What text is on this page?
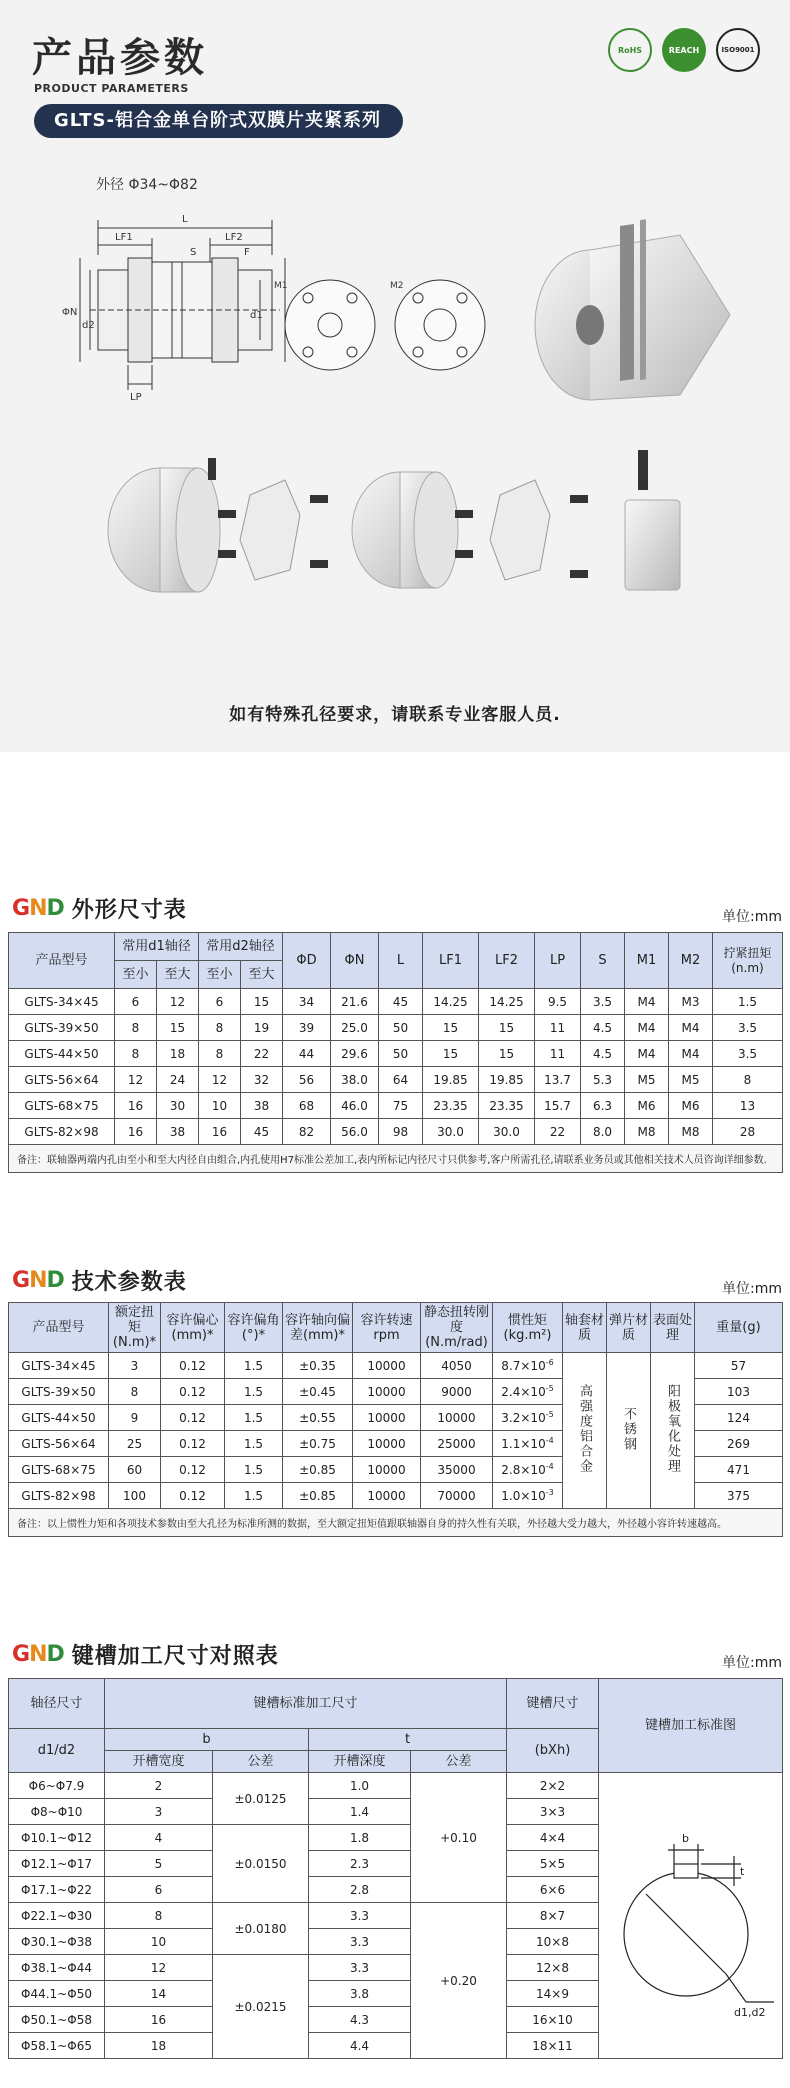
产品参数
PRODUCT PARAMETERS
GLTS-铝合金单台阶式双膜片夹紧系列
RoHS	REACH	ISO 9001
外径 Φ34~Φ82
L
LF1	LF2
S	F
ΦN
d2
d1
LP
M1	M2
如有特殊孔径要求，请联系专业客服人员.
GND 外形尺寸表	单位:mm
产品型号	常用d1轴径		常用d2轴径		ΦD	ΦN	L	LF1	LF2	LP	S	M1	M2	拧紧扭矩(n.m)
	至小	至大	至小	至大										
GLTS-34×45	6	12	6	15	34	21.6	45	14.25	14.25	9.5	3.5	M4	M3	1.5
GLTS-39×50	8	15	8	19	39	25.0	50	15	15	11	4.5	M4	M4	3.5
GLTS-44×50	8	18	8	22	44	29.6	50	15	15	11	4.5	M4	M4	3.5
GLTS-56×64	12	24	12	32	56	38.0	64	19.85	19.85	13.7	5.3	M5	M5	8
GLTS-68×75	16	30	10	38	68	46.0	75	23.35	23.35	15.7	6.3	M6	M6	13
GLTS-82×98	16	38	16	45	82	56.0	98	30.0	30.0	22	8.0	M8	M8	28
备注：联轴器两端内孔由至小和至大内径自由组合,内孔使用H7标准公差加工,表内所标记内径尺寸只供参考,客户所需孔径,请联系业务员或其他相关技术人员咨询详细参数.														
GND 技术参数表	单位:mm
产品型号	额定扭矩(N.m)*	容许偏心(mm)*	容许偏角(°)*	容许轴向偏差(mm)*	容许转速rpm	静态扭转刚度(N.m/rad)	惯性矩(kg.m²)	轴套材质	弹片材质	表面处理	重量(g)
GLTS-34×45	3	0.12	1.5	±0.35	10000	4050	$8.7\times 10^{-6}$	高强度铝合金	不锈钢	阳极氧化处理	57
GLTS-39×50	8	0.12	1.5	±0.45	10000	9000	$2.4\times 10^{-5}$				103
GLTS-44×50	9	0.12	1.5	±0.55	10000	10000	$3.2\times 10^{-5}$				124
GLTS-56×64	25	0.12	1.5	±0.75	10000	25000	$1.1\times 10^{-4}$				269
GLTS-68×75	60	0.12	1.5	±0.85	10000	35000	$2.8\times 10^{-4}$				471
GLTS-82×98	100	0.12	1.5	±0.85	10000	70000	$1.0\times 10^{-3}$				375
备注：以上惯性力矩和各项技术参数由至大孔径为标准所测的数据，至大额定扭矩值跟联轴器自身的持久性有关联，外径越大受力越大，外径越小容许转速越高。											
GND 键槽加工尺寸对照表	单位:mm
轴径尺寸	键槽标准加工尺寸				键槽尺寸	键槽加工标准图
d1/d2	b		t		(bXh)	
	开槽宽度	公差	开槽深度	公差		
Φ6~Φ7.9	2	±0.0125	1.0	+0.10	2×2	b
t
d1,d2

Φ8~Φ10	3		1.4		3×3	
Φ10.1~Φ12	4	±0.0150	1.8		4×4	
Φ12.1~Φ17	5		2.3		5×5	
Φ17.1~Φ22	6		2.8		6×6	
Φ22.1~Φ30	8	±0.0180	3.3	+0.20	8×7	
Φ30.1~Φ38	10		3.3		10×8	
Φ38.1~Φ44	12	±0.0215	3.3		12×8	
Φ44.1~Φ50	14		3.8		14×9	
Φ50.1~Φ58	16		4.3		16×10	
Φ58.1~Φ65	18		4.4		18×11	
